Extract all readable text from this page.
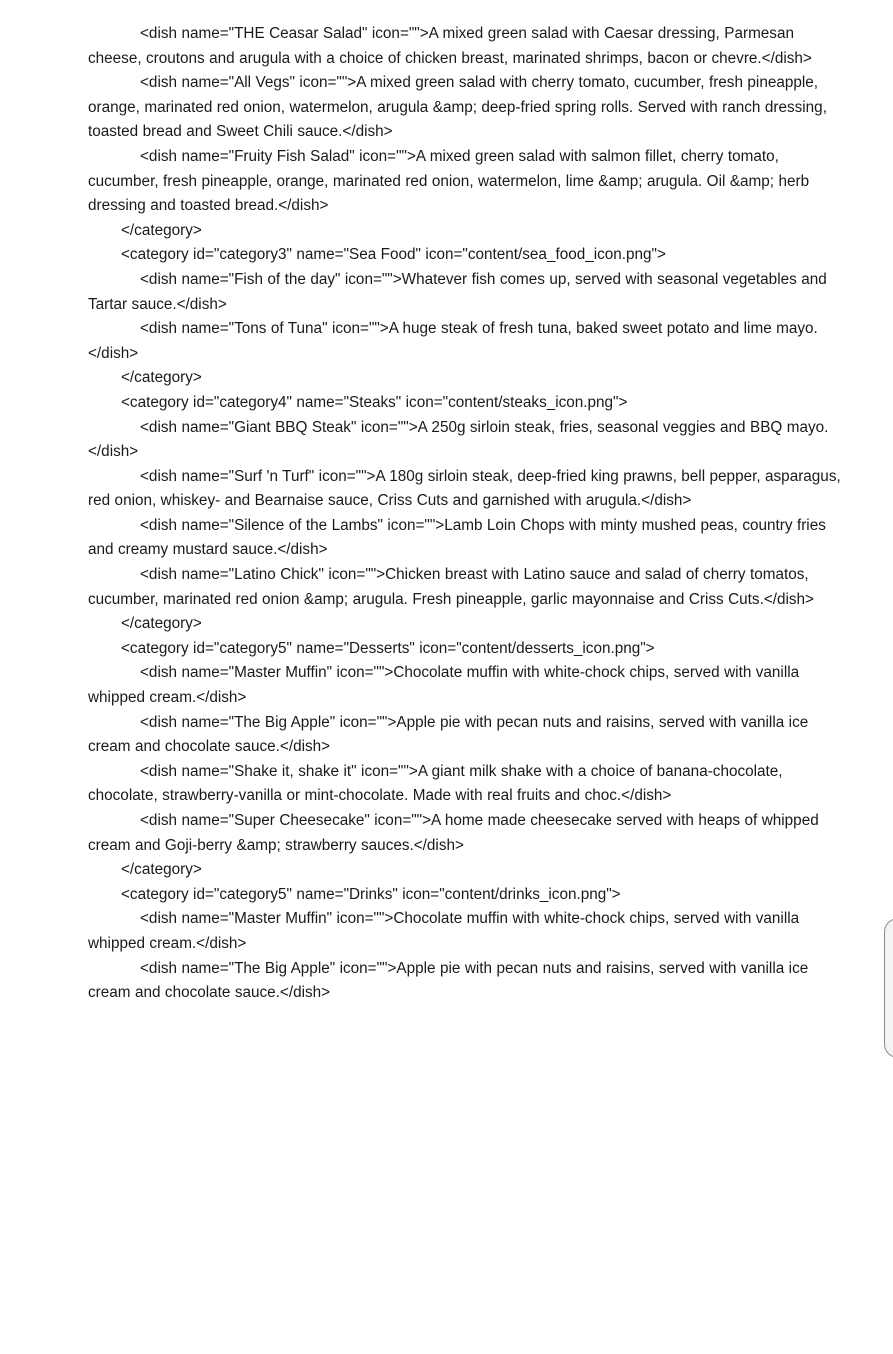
<dish name="THE Ceasar Salad" icon="">A mixed green salad with Caesar dressing, Parmesan cheese, croutons and arugula with a choice of chicken breast, marinated shrimps, bacon or chevre.</dish>
<dish name="All Vegs" icon="">A mixed green salad with cherry tomato, cucumber, fresh pineapple, orange, marinated red onion, watermelon, arugula &amp; deep-fried spring rolls. Served with ranch dressing, toasted bread and Sweet Chili sauce.</dish>
<dish name="Fruity Fish Salad" icon="">A mixed green salad with salmon fillet, cherry tomato, cucumber, fresh pineapple, orange, marinated red onion, watermelon, lime &amp; arugula. Oil &amp; herb dressing and toasted bread.</dish>
</category>
<category id="category3" name="Sea Food" icon="content/sea_food_icon.png">
<dish name="Fish of the day" icon="">Whatever fish comes up, served with seasonal vegetables and Tartar sauce.</dish>
<dish name="Tons of Tuna" icon="">A huge steak of fresh tuna, baked sweet potato and lime mayo.</dish>
</category>
<category id="category4" name="Steaks" icon="content/steaks_icon.png">
<dish name="Giant BBQ Steak" icon="">A 250g sirloin steak, fries, seasonal veggies and BBQ mayo.</dish>
<dish name="Surf 'n Turf" icon="">A 180g sirloin steak, deep-fried king prawns, bell pepper, asparagus, red onion, whiskey- and Bearnaise sauce, Criss Cuts and garnished with arugula.</dish>
<dish name="Silence of the Lambs" icon="">Lamb Loin Chops with minty mushed peas, country fries and creamy mustard sauce.</dish>
<dish name="Latino Chick" icon="">Chicken breast with Latino sauce and salad of cherry tomatos, cucumber, marinated red onion &amp; arugula. Fresh pineapple, garlic mayonnaise and Criss Cuts.</dish>
</category>
<category id="category5" name="Desserts" icon="content/desserts_icon.png">
<dish name="Master Muffin" icon="">Chocolate muffin with white-chock chips, served with vanilla whipped cream.</dish>
<dish name="The Big Apple" icon="">Apple pie with pecan nuts and raisins, served with vanilla ice cream and chocolate sauce.</dish>
<dish name="Shake it, shake it" icon="">A giant milk shake with a choice of banana-chocolate, chocolate, strawberry-vanilla or mint-chocolate. Made with real fruits and choc.</dish>
<dish name="Super Cheesecake" icon="">A home made cheesecake served with heaps of whipped cream and Goji-berry &amp; strawberry sauces.</dish>
</category>
<category id="category5" name="Drinks" icon="content/drinks_icon.png">
<dish name="Master Muffin" icon="">Chocolate muffin with white-chock chips, served with vanilla whipped cream.</dish>
<dish name="The Big Apple" icon="">Apple pie with pecan nuts and raisins, served with vanilla ice cream and chocolate sauce.</dish>
